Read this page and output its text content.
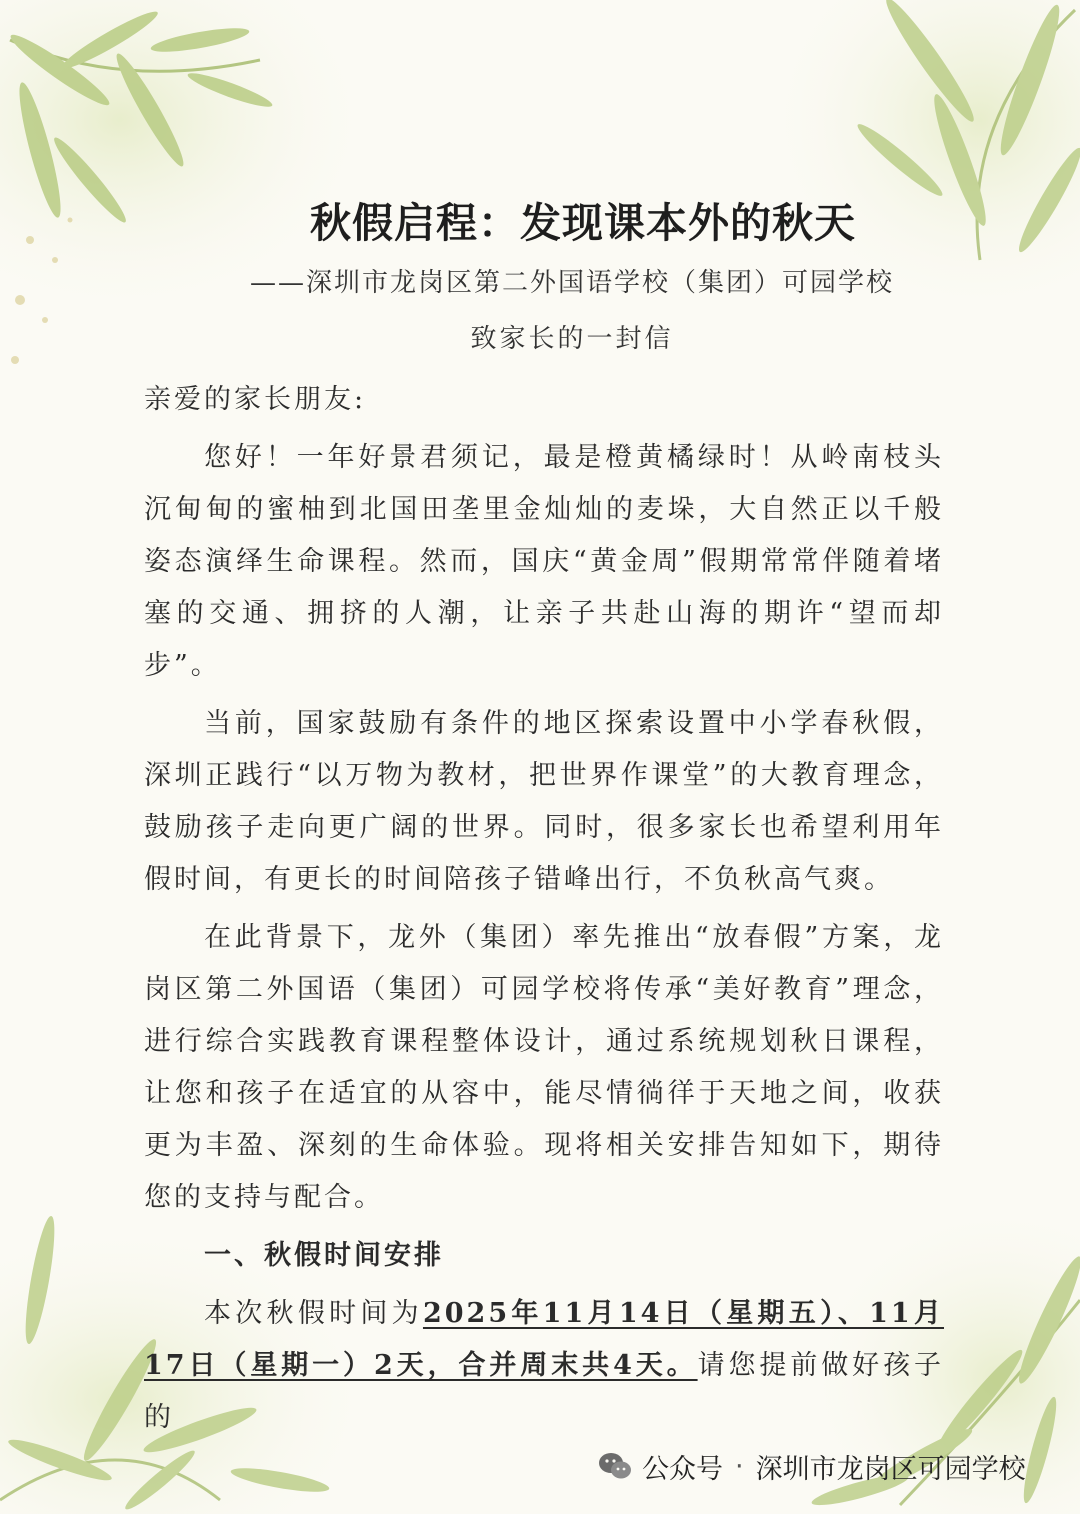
秋假启程：发现课本外的秋天
——深圳市龙岗区第二外国语学校（集团）可园学校
致家长的一封信

亲爱的家长朋友:

您好！一年好景君须记，最是橙黄橘绿时！从岭南枝头沉甸甸的蜜柚到北国田垄里金灿灿的麦垛，大自然正以千般姿态演绎生命课程。然而，国庆“黄金周”假期常常伴随着堵塞的交通、拥挤的人潮，让亲子共赴山海的期许“望而却步”。

当前，国家鼓励有条件的地区探索设置中小学春秋假，深圳正践行“以万物为教材，把世界作课堂”的大教育理念，鼓励孩子走向更广阔的世界。同时，很多家长也希望利用年假时间，有更长的时间陪孩子错峰出行，不负秋高气爽。

在此背景下，龙外（集团）率先推出“放春假”方案，龙岗区第二外国语（集团）可园学校将传承“美好教育”理念，进行综合实践教育课程整体设计，通过系统规划秋日课程，让您和孩子在适宜的从容中，能尽情徜徉于天地之间，收获更为丰盈、深刻的生命体验。现将相关安排告知如下，期待您的支持与配合。

一、秋假时间安排

本次秋假时间为2025年11月14日（星期五）、11月17日（星期一）2天，合并周末共4天。请您提前做好孩子的

公众号 · 深圳市龙岗区可园学校
